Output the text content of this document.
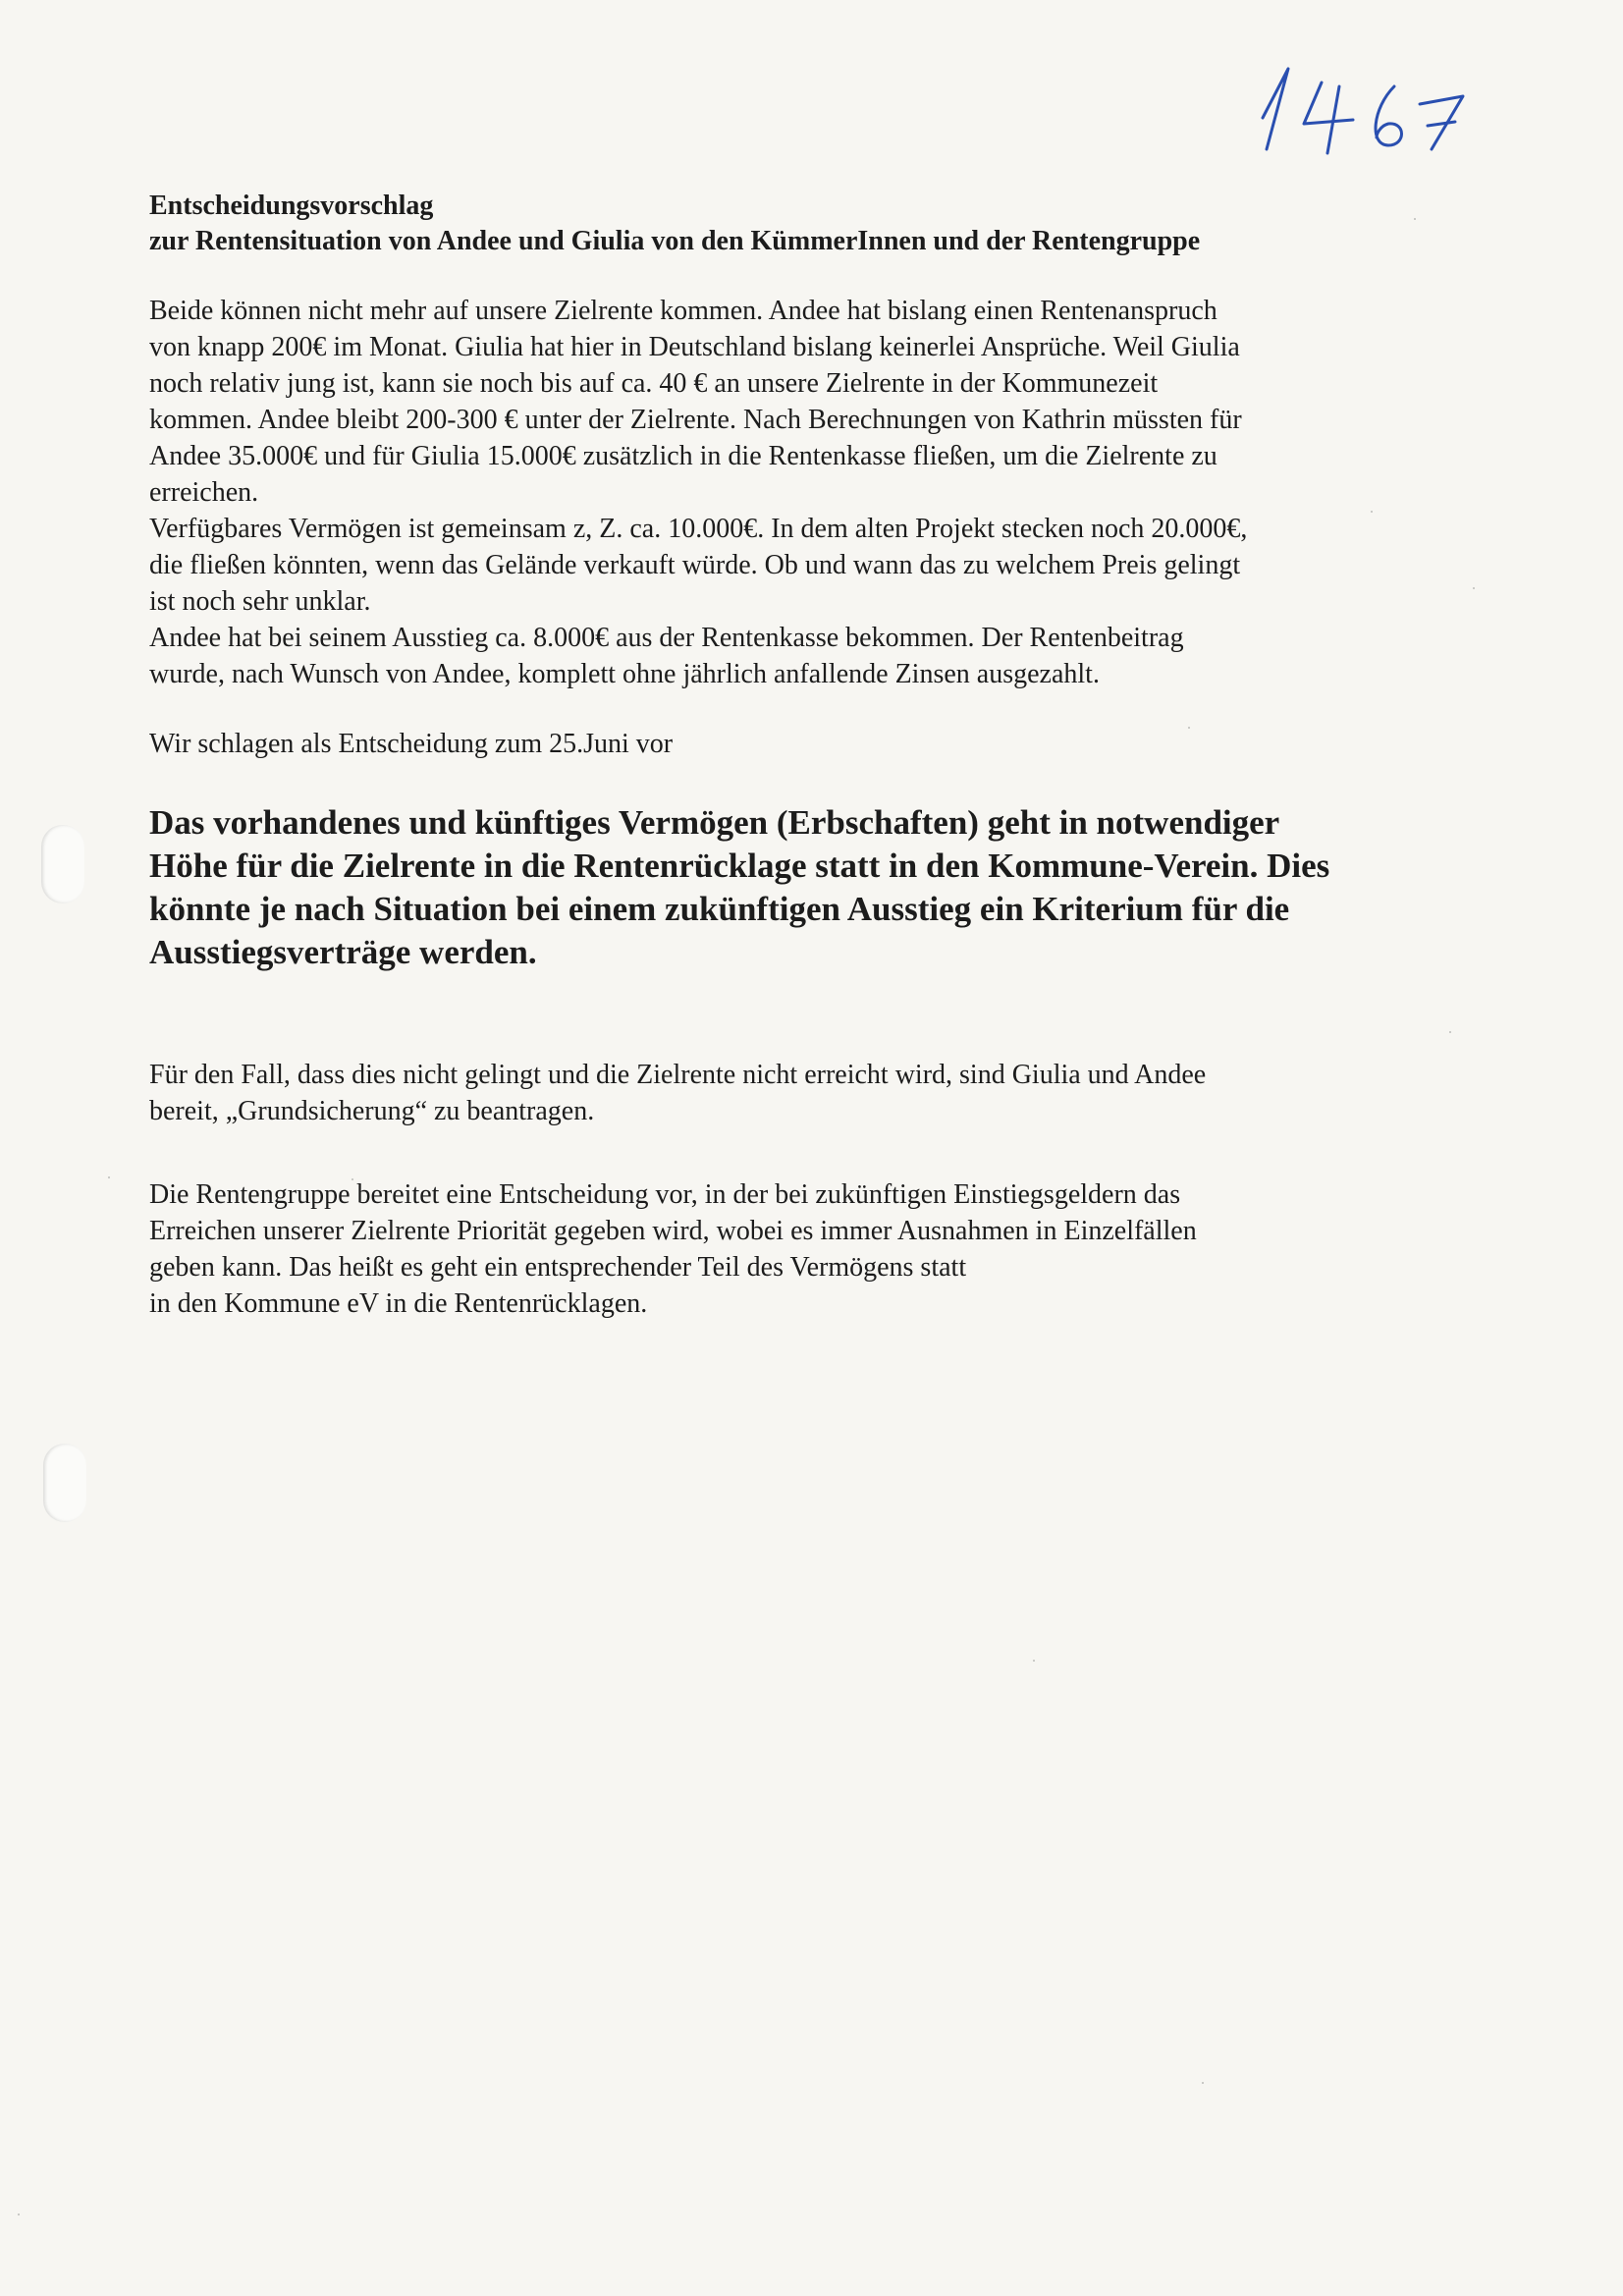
Entscheidungsvorschlag

zur Rentensituation von Andee und Giulia von den KümmerInnen und der Rentengruppe

Beide können nicht mehr auf unsere Zielrente kommen. Andee hat bislang einen Rentenanspruch
von knapp 200€ im Monat. Giulia hat hier in Deutschland bislang keinerlei Ansprüche. Weil Giulia
noch relativ jung ist, kann sie noch bis auf ca. 40 € an unsere Zielrente in der Kommunezeit
kommen. Andee bleibt 200-300 € unter der Zielrente. Nach Berechnungen von Kathrin müssten für
Andee 35.000€ und für Giulia 15.000€ zusätzlich in die Rentenkasse fließen, um die Zielrente zu
erreichen.
Verfügbares Vermögen ist gemeinsam z, Z. ca. 10.000€. In dem alten Projekt stecken noch 20.000€,
die fließen könnten, wenn das Gelände verkauft würde. Ob und wann das zu welchem Preis gelingt
ist noch sehr unklar.
Andee hat bei seinem Ausstieg ca. 8.000€ aus der Rentenkasse bekommen. Der Rentenbeitrag
wurde, nach Wunsch von Andee, komplett ohne jährlich anfallende Zinsen ausgezahlt.
Wir schlagen als Entscheidung zum 25.Juni vor
Das vorhandenes und künftiges Vermögen (Erbschaften) geht in notwendiger
Höhe für die Zielrente in die Rentenrücklage statt in den Kommune-Verein. Dies
könnte je nach Situation bei einem zukünftigen Ausstieg ein Kriterium für die
Ausstiegsverträge werden.
Für den Fall, dass dies nicht gelingt und die Zielrente nicht erreicht wird, sind Giulia und Andee
bereit, „Grundsicherung“ zu beantragen.
Die Rentengruppe bereitet eine Entscheidung vor, in der bei zukünftigen Einstiegsgeldern das
Erreichen unserer Zielrente Priorität gegeben wird, wobei es immer Ausnahmen in Einzelfällen
geben kann. Das heißt es geht ein entsprechender Teil des Vermögens statt
in den Kommune eV in die Rentenrücklagen.
